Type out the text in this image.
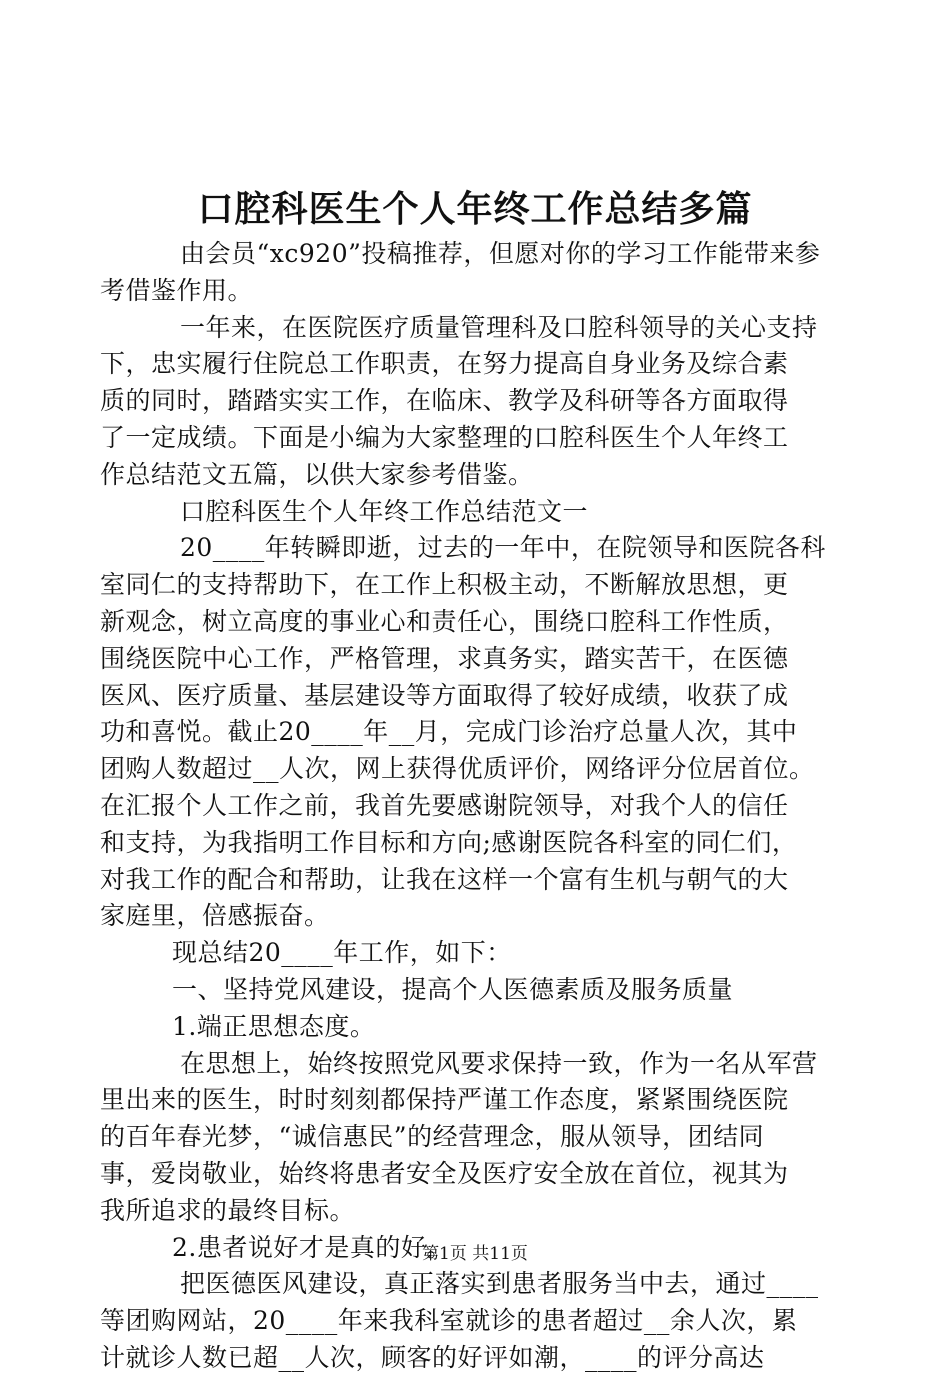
口腔科医生个人年终工作总结多篇
由会员“xc920”投稿推荐，但愿对你的学习工作能带来参
考借鉴作用。
一年来，在医院医疗质量管理科及口腔科领导的关心支持
下，忠实履行住院总工作职责，在努力提高自身业务及综合素
质的同时，踏踏实实工作，在临床、教学及科研等各方面取得
了一定成绩。下面是小编为大家整理的口腔科医生个人年终工
作总结范文五篇，以供大家参考借鉴。
口腔科医生个人年终工作总结范文一
20____年转瞬即逝，过去的一年中，在院领导和医院各科
室同仁的支持帮助下，在工作上积极主动，不断解放思想，更
新观念，树立高度的事业心和责任心，围绕口腔科工作性质，
围绕医院中心工作，严格管理，求真务实，踏实苦干，在医德
医风、医疗质量、基层建设等方面取得了较好成绩，收获了成
功和喜悦。截止20____年__月，完成门诊治疗总量人次，其中
团购人数超过__人次，网上获得优质评价，网络评分位居首位。
在汇报个人工作之前，我首先要感谢院领导，对我个人的信任
和支持，为我指明工作目标和方向;感谢医院各科室的同仁们，
对我工作的配合和帮助，让我在这样一个富有生机与朝气的大
家庭里，倍感振奋。
现总结20____年工作，如下：
一、坚持党风建设，提高个人医德素质及服务质量
1.端正思想态度。
在思想上，始终按照党风要求保持一致，作为一名从军营
里出来的医生，时时刻刻都保持严谨工作态度，紧紧围绕医院
的百年春光梦，“诚信惠民”的经营理念，服从领导，团结同
事，爱岗敬业，始终将患者安全及医疗安全放在首位，视其为
我所追求的最终目标。
2.患者说好才是真的好。
把医德医风建设，真正落实到患者服务当中去，通过____
等团购网站，20____年来我科室就诊的患者超过__余人次，累
计就诊人数已超__人次，顾客的好评如潮，____的评分高达
第1页 共11页
